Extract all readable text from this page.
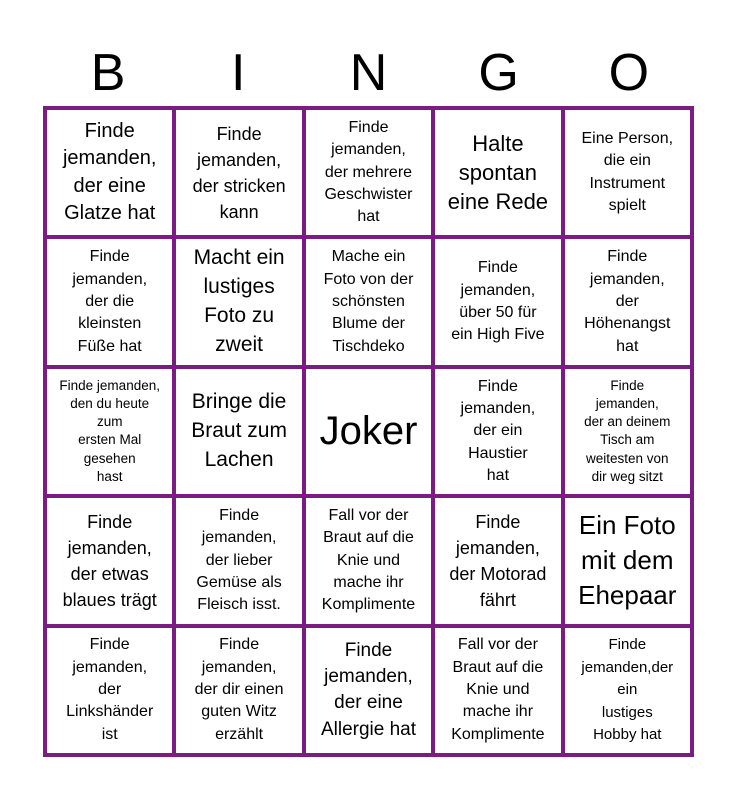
B	I	N	G	O
Finde
jemanden,
der eine
Glatze hat
Finde
jemanden,
der stricken
kann
Finde
jemanden,
der mehrere
Geschwister
hat
Halte
spontan
eine Rede
Eine Person,
die ein
Instrument
spielt
Finde
jemanden,
der die
kleinsten
Füße hat
Macht ein
lustiges
Foto zu
zweit
Mache ein
Foto von der
schönsten
Blume der
Tischdeko
Finde
jemanden,
über 50 für
ein High Five
Finde
jemanden,
der
Höhenangst
hat
Finde jemanden,
den du heute
zum
ersten Mal
gesehen
hast
Bringe die
Braut zum
Lachen
Joker
Finde
jemanden,
der ein
Haustier
hat
Finde
jemanden,
der an deinem
Tisch am
weitesten von
dir weg sitzt
Finde
jemanden,
der etwas
blaues trägt
Finde
jemanden,
der lieber
Gemüse als
Fleisch isst.
Fall vor der
Braut auf die
Knie und
mache ihr
Komplimente
Finde
jemanden,
der Motorad
fährt
Ein Foto
mit dem
Ehepaar
Finde
jemanden,
der
Linkshänder
ist
Finde
jemanden,
der dir einen
guten Witz
erzählt
Finde
jemanden,
der eine
Allergie hat
Fall vor der
Braut auf die
Knie und
mache ihr
Komplimente
Finde
jemanden,der
ein
lustiges
Hobby hat
